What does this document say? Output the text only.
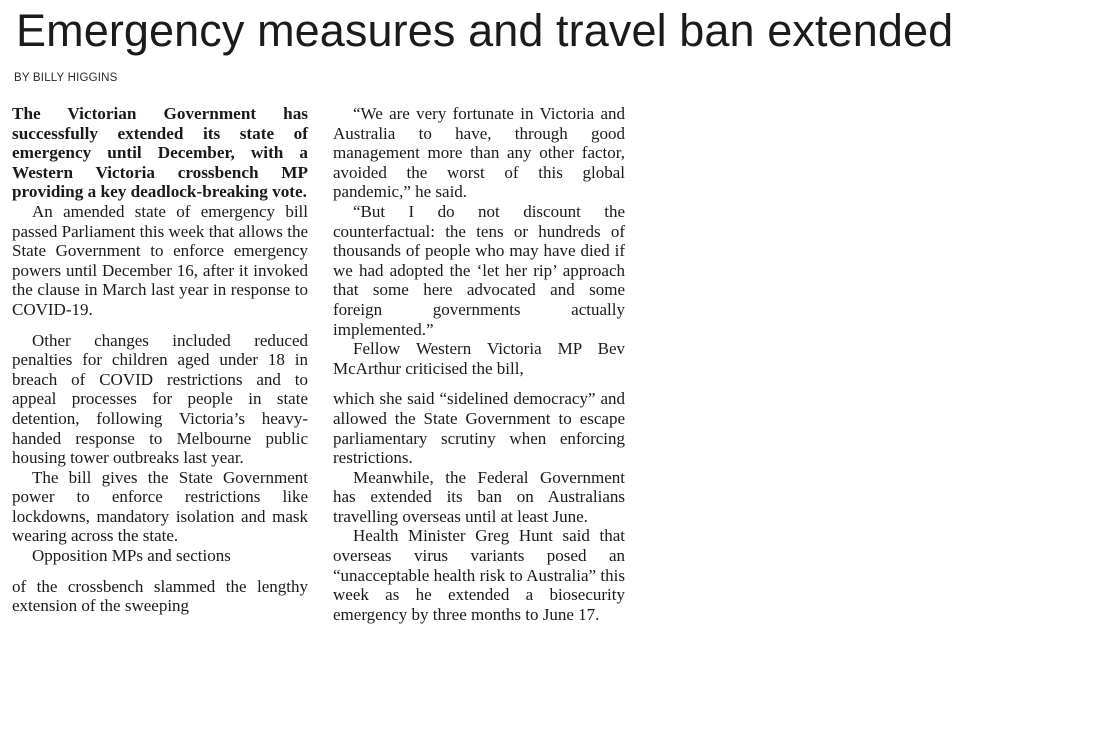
Emergency measures and travel ban extended
BY BILLY HIGGINS

The Victorian Government has successfully extended its state of emergency until December, with a Western Victoria crossbench MP providing a key deadlock-breaking vote.

An amended state of emergency bill passed Parliament this week that allows the State Government to enforce emergency powers until December 16, after it invoked the clause in March last year in response to COVID-19.

Other changes included reduced penalties for children aged under 18 in breach of COVID restrictions and to appeal processes for people in state detention, following Victoria’s heavy-handed response to Melbourne public housing tower outbreaks last year.

The bill gives the State Government power to enforce restrictions like lockdowns, mandatory isolation and mask wearing across the state.

Opposition MPs and sections

of the crossbench slammed the lengthy extension of the sweeping

“We are very fortunate in Victoria and Australia to have, through good management more than any other factor, avoided the worst of this global pandemic,” he said.

“But I do not discount the counterfactual: the tens or hundreds of thousands of people who may have died if we had adopted the ‘let her rip’ approach that some here advocated and some foreign governments actually implemented.”

Fellow Western Victoria MP Bev McArthur criticised the bill,

which she said “sidelined democracy” and allowed the State Government to escape parliamentary scrutiny when enforcing restrictions.

Meanwhile, the Federal Government has extended its ban on Australians travelling overseas until at least June.

Health Minister Greg Hunt said that overseas virus variants posed an “unacceptable health risk to Australia” this week as he extended a biosecurity emergency by three months to June 17.
